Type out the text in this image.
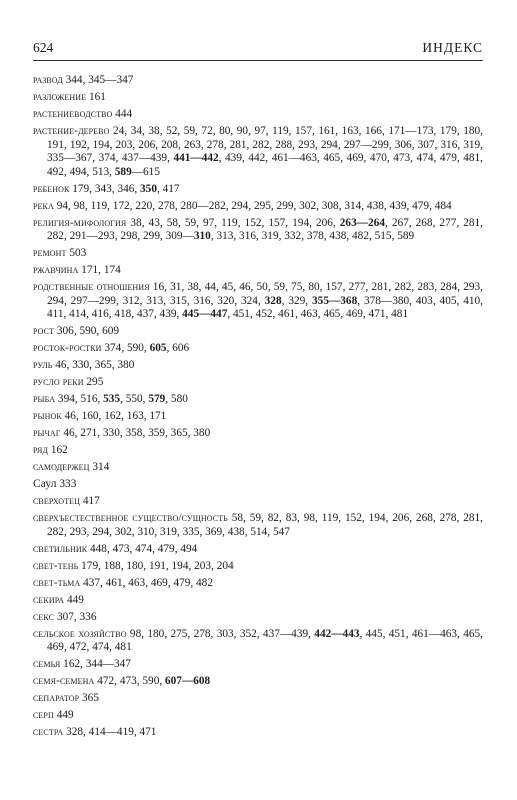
624	ИНДЕКС

развод 344, 345—347

разложение 161

растениеводство 444

растение-дерево 24, 34, 38, 52, 59, 72, 80, 90, 97, 119, 157, 161, 163, 166, 171—173, 179, 180, 191, 192, 194, 203, 206, 208, 263, 278, 281, 282, 288, 293, 294, 297—299, 306, 307, 316, 319, 335—367, 374, 437—439, 441—442, 439, 442, 461—463, 465, 469, 470, 473, 474, 479, 481, 492, 494, 513, 589—615

ребенок 179, 343, 346, 350, 417

река 94, 98, 119, 172, 220, 278, 280—282, 294, 295, 299, 302, 308, 314, 438, 439, 479, 484

религия-мифология 38, 43, 58, 59, 97, 119, 152, 157, 194, 206, 263—264, 267, 268, 277, 281, 282, 291—293, 298, 299, 309—310, 313, 316, 319, 332, 378, 438, 482, 515, 589

ремонт 503

ржавчина 171, 174

родственные отношения 16, 31, 38, 44, 45, 46, 50, 59, 75, 80, 157, 277, 281, 282, 283, 284, 293, 294, 297—299, 312, 313, 315, 316, 320, 324, 328, 329, 355—368, 378—380, 403, 405, 410, 411, 414, 416, 418, 437, 439, 445—447, 451, 452, 461, 463, 465, 469, 471, 481

рост 306, 590, 609

росток-ростки 374, 590, 605, 606

руль 46, 330, 365, 380

русло реки 295

рыба 394, 516, 535, 550, 579, 580

рынок 46, 160, 162, 163, 171

рычаг 46, 271, 330, 358, 359, 365, 380

ряд 162

самодержец 314

Саул 333

сверхотец 417

сверхъестественное существо/сущность 58, 59, 82, 83, 98, 119, 152, 194, 206, 268, 278, 281, 282, 293, 294, 302, 310, 319, 335, 369, 438, 514, 547

светильник 448, 473, 474, 479, 494

свет-тень 179, 188, 180, 191, 194, 203, 204

свет-тьма 437, 461, 463, 469, 479, 482

секира 449

секс 307, 336

сельское хозяйство 98, 180, 275, 278, 303, 352, 437—439, 442—443, 445, 451, 461—463, 465, 469, 472, 474, 481

семья 162, 344—347

семя-семена 472, 473, 590, 607—608

сепаратор 365

серп 449

сестра 328, 414—419, 471
